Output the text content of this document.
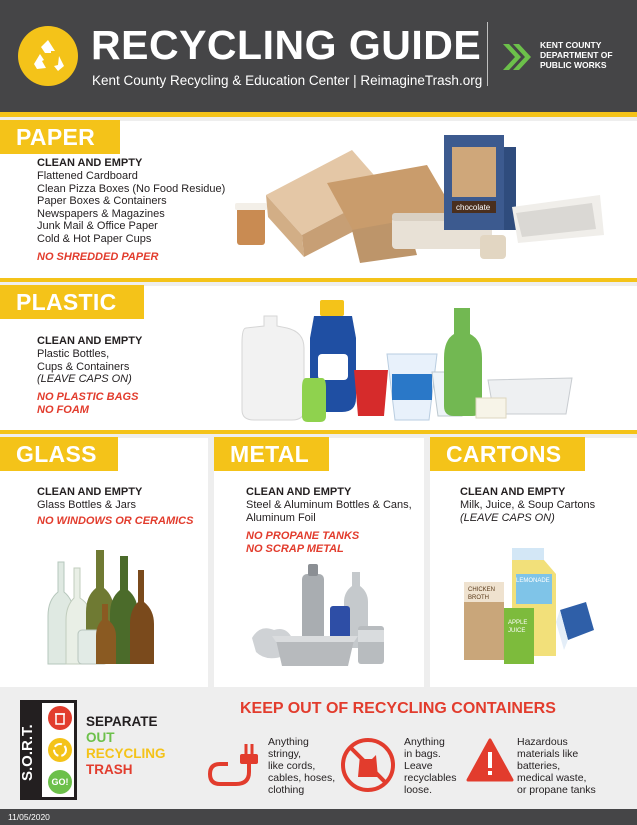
RECYCLING GUIDE
Kent County Recycling & Education Center | ReimagineTrash.org
KENT COUNTY
DEPARTMENT OF
PUBLIC WORKS
PAPER
CLEAN AND EMPTY
Flattened Cardboard
Clean Pizza Boxes (No Food Residue)
Paper Boxes & Containers
Newspapers & Magazines
Junk Mail & Office Paper
Cold & Hot Paper Cups
NO SHREDDED PAPER
chocolate
PLASTIC
CLEAN AND EMPTY
Plastic Bottles,
Cups & Containers
(LEAVE CAPS ON)
NO PLASTIC BAGS
NO FOAM
GLASS	METAL	CARTONS
CLEAN AND EMPTY
Glass Bottles & Jars
NO WINDOWS OR CERAMICS
CLEAN AND EMPTY
Steel & Aluminum Bottles & Cans,
Aluminum Foil
NO PROPANE TANKS
NO SCRAP METAL
CLEAN AND EMPTY
Milk, Juice, & Soup Cartons
(LEAVE CAPS ON)
CHICKEN
BROTH
LEMONADE
APPLE
JUICE
S.O.R.T.
GO!
SEPARATE
OUT
RECYCLING
TRASH
KEEP OUT OF RECYCLING CONTAINERS
Anything
stringy,
like cords,
cables, hoses,
clothing
Anything
in bags.
Leave
recyclables
loose.
Hazardous
materials like
batteries,
medical waste,
or propane tanks
11/05/2020
